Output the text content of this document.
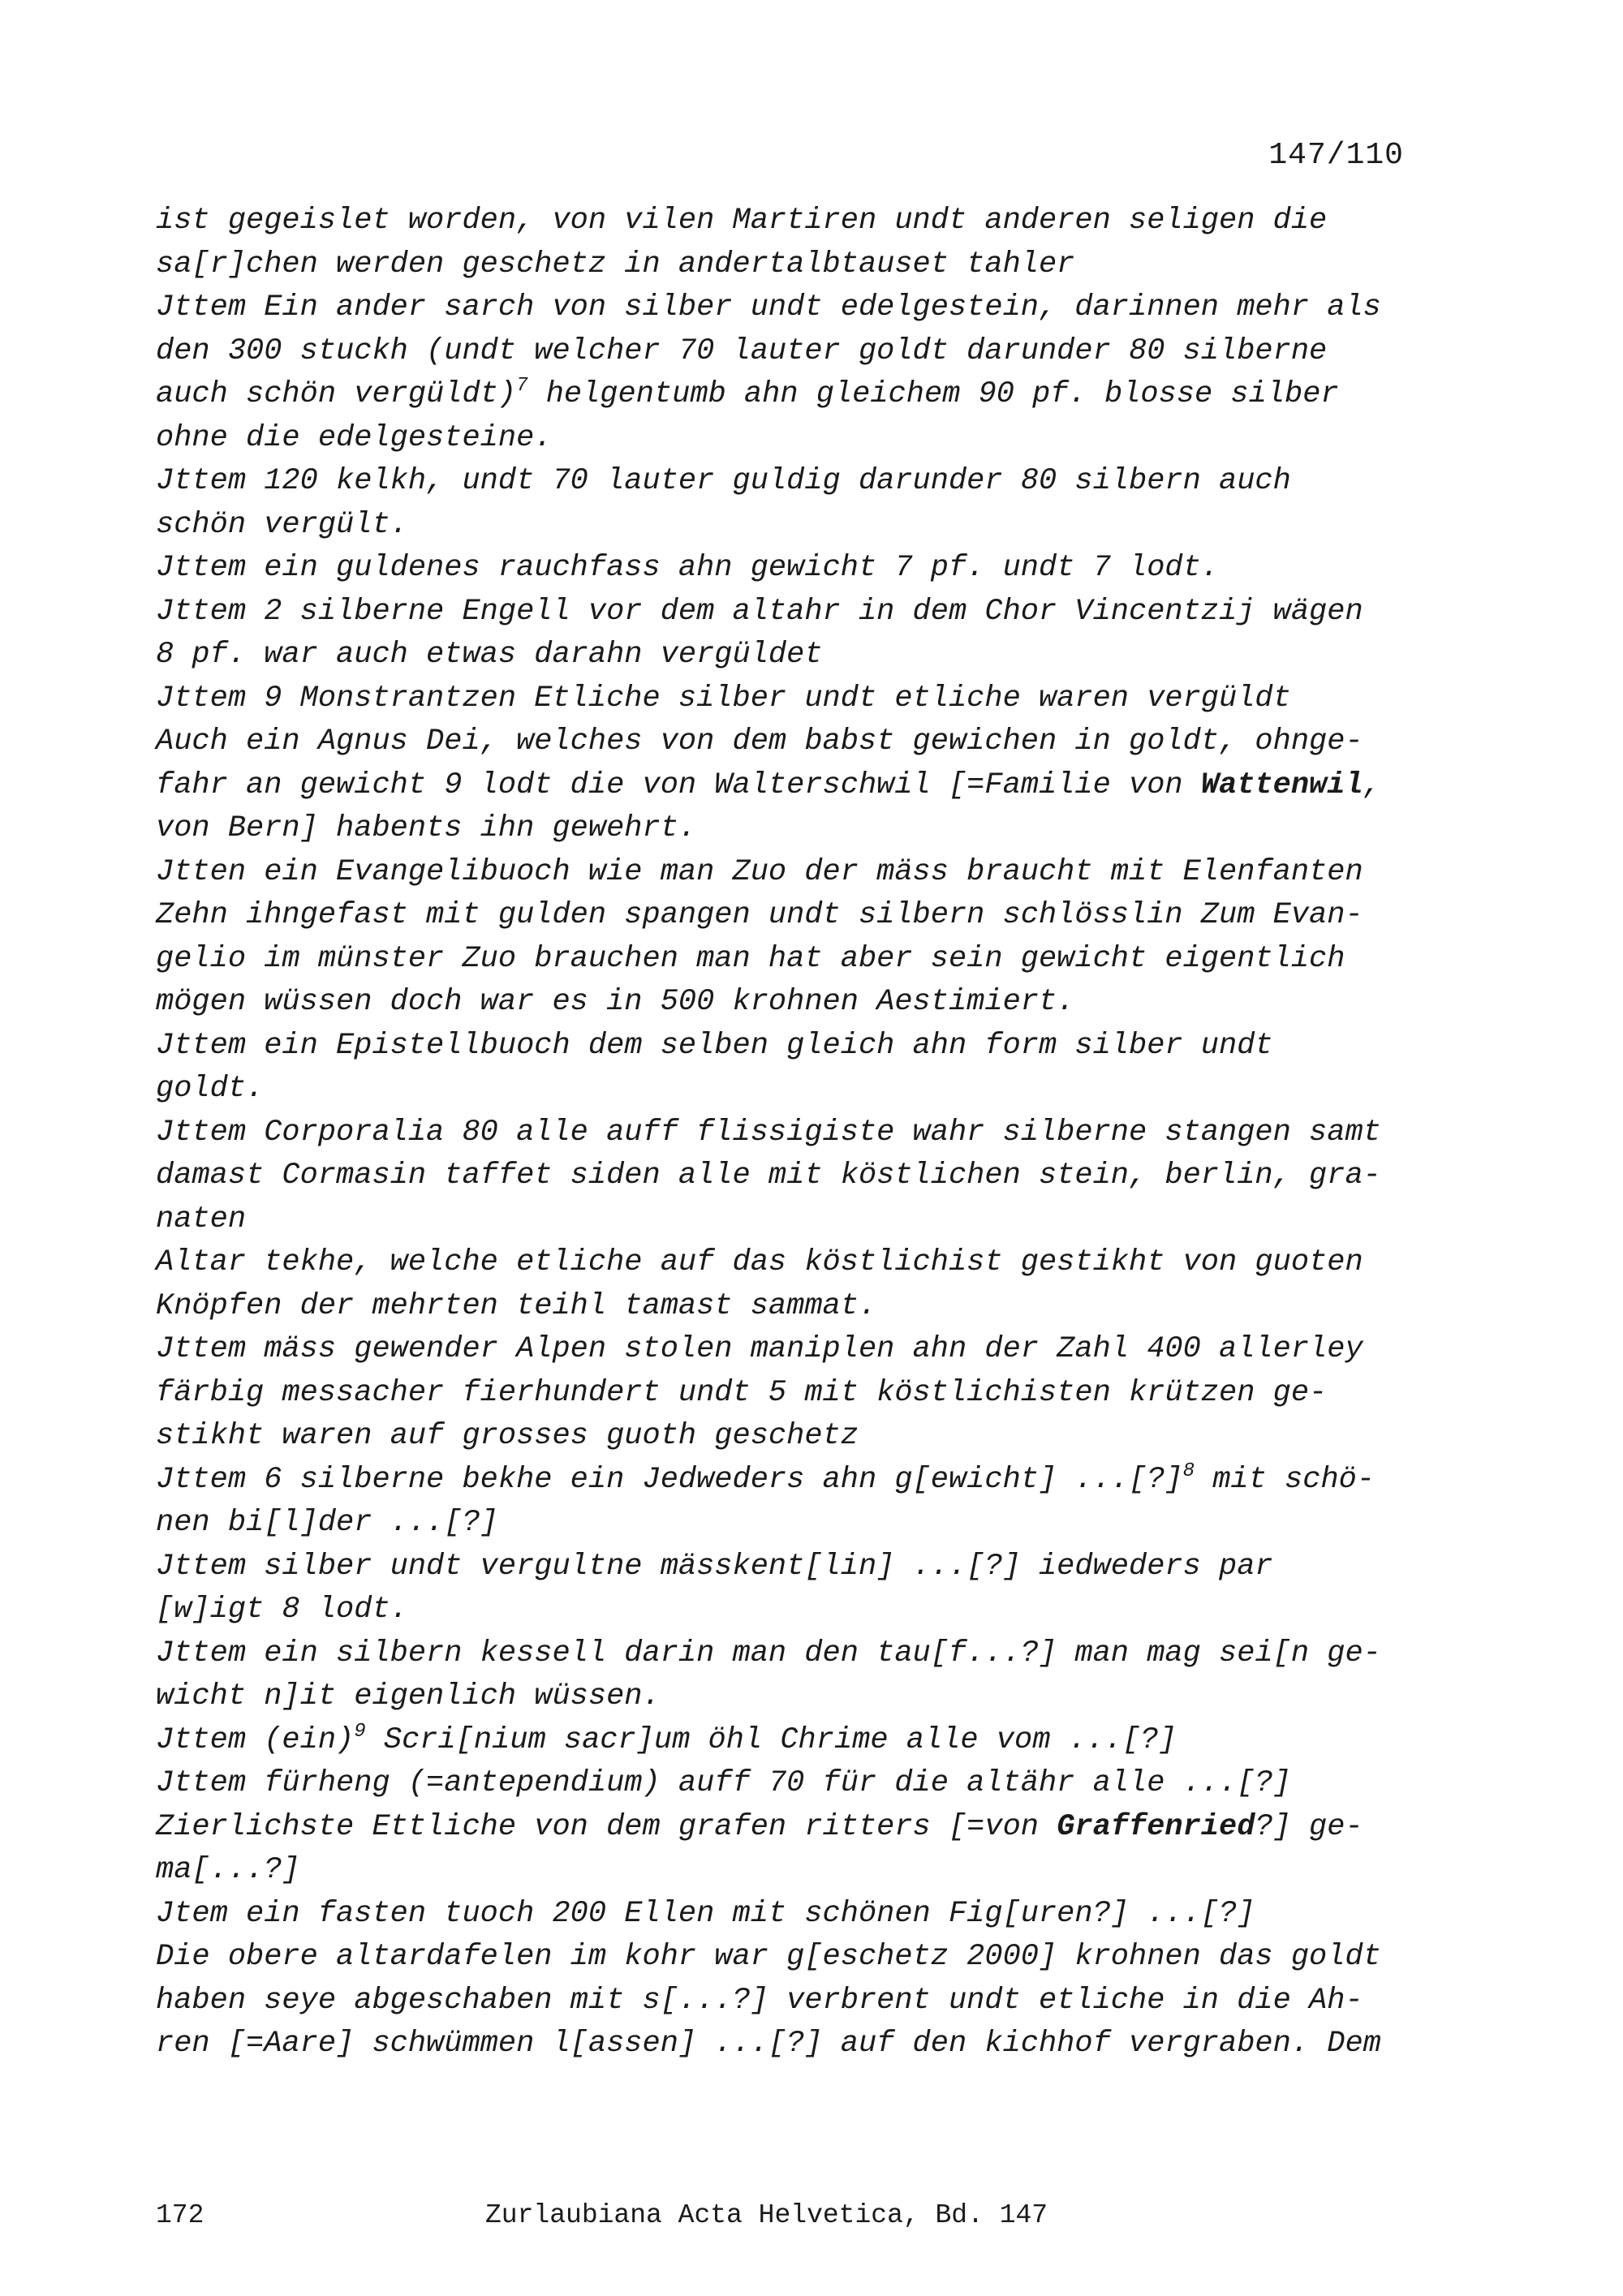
147/110
ist gegeislet worden, von vilen Martiren undt anderen seligen die
sa[r]chen werden geschetz in andertalbtauset tahler
Jttem Ein ander sarch von silber undt edelgestein, darinnen mehr als
den 300 stuckh (undt welcher 70 lauter goldt darunder 80 silberne
auch schön vergüldt)$^7$ helgentumb ahn gleichem 90 pf. blosse silber
ohne die edelgesteine.
Jttem 120 kelkh, undt 70 lauter guldig darunder 80 silbern auch
schön vergült.
Jttem ein guldenes rauchfass ahn gewicht 7 pf. undt 7 lodt.
Jttem 2 silberne Engell vor dem altahr in dem Chor Vincentzij wägen
8 pf. war auch etwas darahn vergüldet
Jttem 9 Monstrantzen Etliche silber undt etliche waren vergüldt
Auch ein Agnus Dei, welches von dem babst gewichen in goldt, ohnge-
fahr an gewicht 9 lodt die von Walterschwil [=Familie von Wattenwil,
von Bern] habents ihn gewehrt.
Jtten ein Evangelibuoch wie man Zuo der mäss braucht mit Elenfanten
Zehn ihngefast mit gulden spangen undt silbern schlösslin Zum Evan-
gelio im münster Zuo brauchen man hat aber sein gewicht eigentlich
mögen wüssen doch war es in 500 krohnen Aestimiert.
Jttem ein Epistellbuoch dem selben gleich ahn form silber undt
goldt.
Jttem Corporalia 80 alle auff flissigiste wahr silberne stangen samt
damast Cormasin taffet siden alle mit köstlichen stein, berlin, gra-
naten
Altar tekhe, welche etliche auf das köstlichist gestikht von guoten
Knöpfen der mehrten teihl tamast sammat.
Jttem mäss gewender Alpen stolen maniplen ahn der Zahl 400 allerley
färbig messacher fierhundert undt 5 mit köstlichisten krützen ge-
stikht waren auf grosses guoth geschetz
Jttem 6 silberne bekhe ein Jedweders ahn g[ewicht] ...[?]$^8$ mit schö-
nen bi[l]der ...[?]
Jttem silber undt vergultne mässkent[lin] ...[?] iedweders par
[w]igt 8 lodt.
Jttem ein silbern kessell darin man den tau[f...?] man mag sei[n ge-
wicht n]it eigenlich wüssen.
Jttem (ein)$^9$ Scri[nium sacr]um öhl Chrime alle vom ...[?]
Jttem fürheng (=antependium) auff 70 für die altähr alle ...[?]
Zierlichste Ettliche von dem grafen ritters [=von Graffenried?] ge-
ma[...?]
Jtem ein fasten tuoch 200 Ellen mit schönen Fig[uren?] ...[?]
Die obere altardafelen im kohr war g[eschetz 2000] krohnen das goldt
haben seye abgeschaben mit s[...?] verbrent undt etliche in die Ah-
ren [=Aare] schwümmen l[assen] ...[?] auf den kichhof vergraben. Dem
172	Zurlaubiana Acta Helvetica, Bd. 147
